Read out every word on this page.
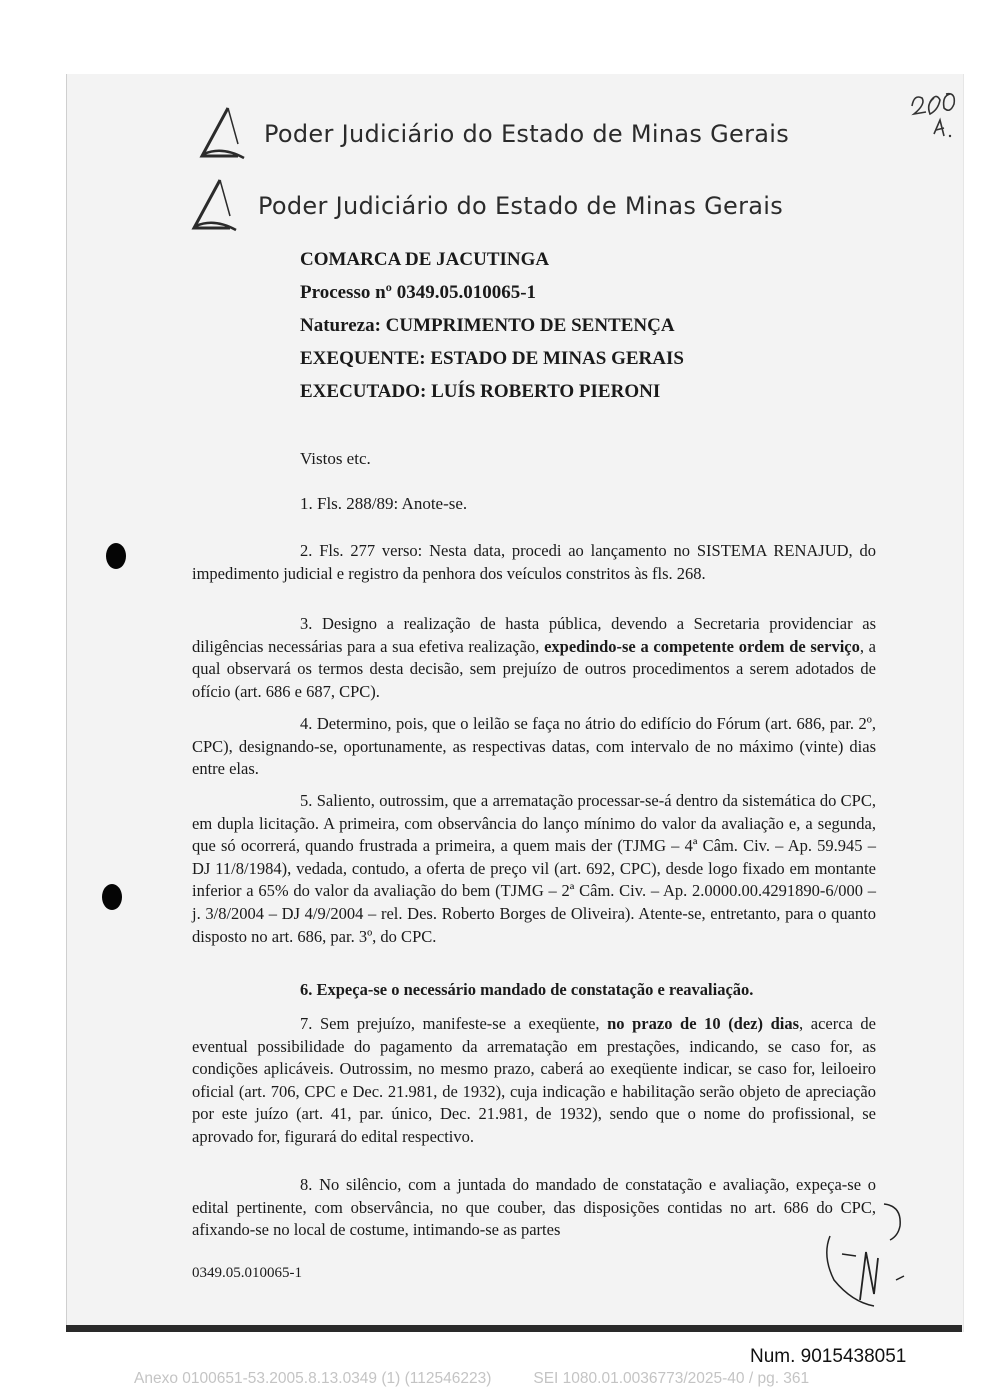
Poder Judiciário do Estado de Minas Gerais
Poder Judiciário do Estado de Minas Gerais
COMARCA DE JACUTINGA
Processo nº 0349.05.010065-1
Natureza: CUMPRIMENTO DE SENTENÇA
EXEQUENTE: ESTADO DE MINAS GERAIS
EXECUTADO: LUÍS ROBERTO PIERONI
Vistos etc.
1. Fls. 288/89: Anote-se.

2. Fls. 277 verso: Nesta data, procedi ao lançamento no SISTEMA RENAJUD, do impedimento judicial e registro da penhora dos veículos constritos às fls. 268.

3. Designo a realização de hasta pública, devendo a Secretaria providenciar as diligências necessárias para a sua efetiva realização, expedindo-se a competente ordem de serviço, a qual observará os termos desta decisão, sem prejuízo de outros procedimentos a serem adotados de ofício (art. 686 e 687, CPC).

4. Determino, pois, que o leilão se faça no átrio do edifício do Fórum (art. 686, par. 2º, CPC), designando-se, oportunamente, as respectivas datas, com intervalo de no máximo (vinte) dias entre elas.

5. Saliento, outrossim, que a arrematação processar-se-á dentro da sistemática do CPC, em dupla licitação. A primeira, com observância do lanço mínimo do valor da avaliação e, a segunda, que só ocorrerá, quando frustrada a primeira, a quem mais der (TJMG – 4ª Câm. Civ. – Ap. 59.945 – DJ 11/8/1984), vedada, contudo, a oferta de preço vil (art. 692, CPC), desde logo fixado em montante inferior a 65% do valor da avaliação do bem (TJMG – 2ª Câm. Civ. – Ap. 2.0000.00.4291890-6/000 – j. 3/8/2004 – DJ 4/9/2004 – rel. Des. Roberto Borges de Oliveira). Atente-se, entretanto, para o quanto disposto no art. 686, par. 3º, do CPC.

6. Expeça-se o necessário mandado de constatação e reavaliação.

7. Sem prejuízo, manifeste-se a exeqüente, no prazo de 10 (dez) dias, acerca de eventual possibilidade do pagamento da arrematação em prestações, indicando, se caso for, as condições aplicáveis. Outrossim, no mesmo prazo, caberá ao exeqüente indicar, se caso for, leiloeiro oficial (art. 706, CPC e Dec. 21.981, de 1932), cuja indicação e habilitação serão objeto de apreciação por este juízo (art. 41, par. único, Dec. 21.981, de 1932), sendo que o nome do profissional, se aprovado for, figurará do edital respectivo.

8. No silêncio, com a juntada do mandado de constatação e avaliação, expeça-se o edital pertinente, com observância, no que couber, das disposições contidas no art. 686 do CPC, afixando-se no local de costume, intimando-se as partes

0349.05.010065-1
Num. 9015438051
Anexo 0100651-53.2005.8.13.0349 (1) (112546223)	SEI 1080.01.0036773/2025-40 / pg. 361
